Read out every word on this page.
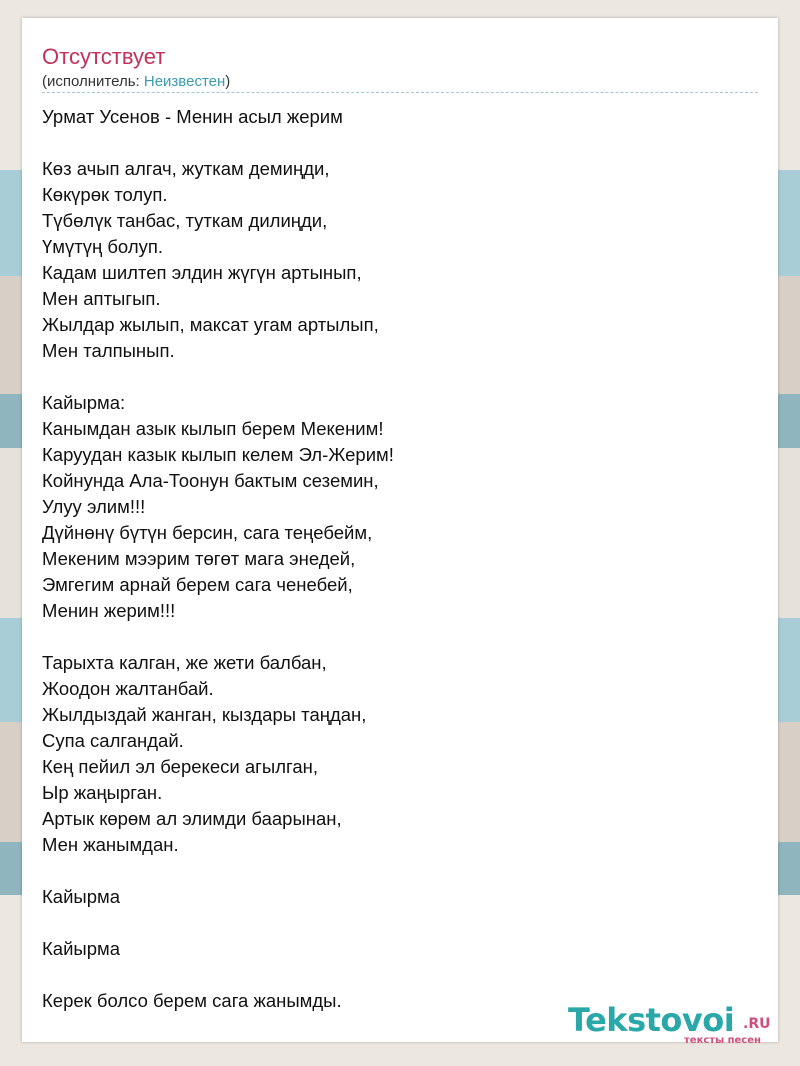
Отсутствует
(исполнитель: Неизвестен)
Урмат Усенов - Менин асыл жерим
Көз ачып алгач, жуткам демиңди,
Көкүрөк толуп.
Түбөлүк танбас, туткам дилиңди,
Үмүтүң болуп.
Кадам шилтеп элдин жүгүн артынып,
Мен аптыгып.
Жылдар жылып, максат угам артылып,
Мен талпынып.
Кайырма:
Канымдан азык кылып берем Мекеним!
Каруудан казык кылып келем Эл-Жерим!
Койнунда Ала-Тоонун бактым сеземин,
Улуу элим!!!
Дүйнөнү бүтүн берсин, сага теңебейм,
Мекеним мээрим төгөт мага энедей,
Эмгегим арнай берем сага ченебей,
Менин жерим!!!
Тарыхта калган, же жети балбан,
Жоодон жалтанбай.
Жылдыздай жанган, кыздары таңдан,
Супа салгандай.
Кең пейил эл берекеси агылган,
Ыр жаңырган.
Артык көрөм ал элимди баарынан,
Мен жанымдан.
Кайырма
Кайырма
Керек болсо берем сага жанымды.
Tekstovoi .RU
тексты песен
